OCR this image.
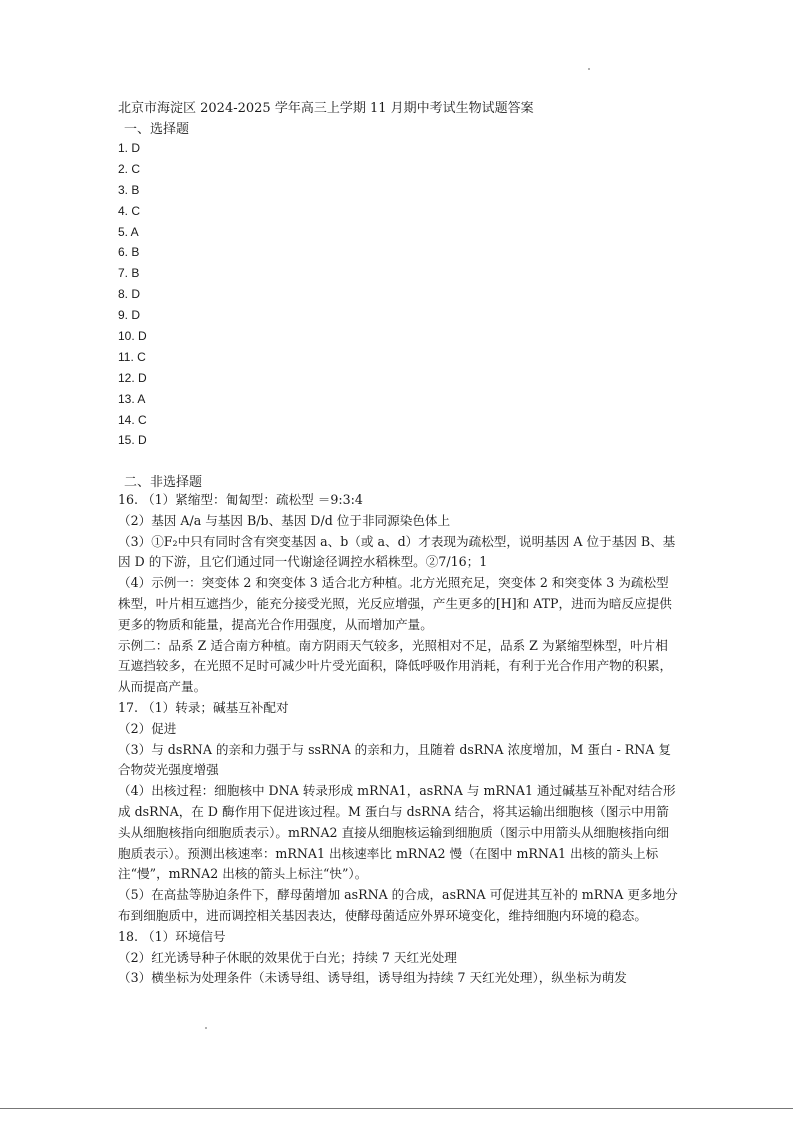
北京市海淀区 2024-2025 学年高三上学期 11 月期中考试生物试题答案
一、选择题
1. D
2. C
3. B
4. C
5. A
6. B
7. B
8. D
9. D
10. D
11. C
12. D
13. A
14. C
15. D
二、非选择题

16. （1）紧缩型：匍匐型：疏松型 ＝9:3:4

（2）基因 A/a 与基因 B/b、基因 D/d 位于非同源染色体上

（3）①F₂中只有同时含有突变基因 a、b（或 a、d）才表现为疏松型，说明基因 A 位于基因 B、基因 D 的下游，且它们通过同一代谢途径调控水稻株型。②7/16；1

（4）示例一：突变体 2 和突变体 3 适合北方种植。北方光照充足，突变体 2 和突变体 3 为疏松型株型，叶片相互遮挡少，能充分接受光照，光反应增强，产生更多的[H]和 ATP，进而为暗反应提供更多的物质和能量，提高光合作用强度，从而增加产量。

示例二：品系 Z 适合南方种植。南方阴雨天气较多，光照相对不足，品系 Z 为紧缩型株型，叶片相互遮挡较多，在光照不足时可减少叶片受光面积，降低呼吸作用消耗，有利于光合作用产物的积累，从而提高产量。

17. （1）转录；碱基互补配对

（2）促进

（3）与 dsRNA 的亲和力强于与 ssRNA 的亲和力，且随着 dsRNA 浓度增加，M 蛋白 - RNA 复合物荧光强度增强

（4）出核过程：细胞核中 DNA 转录形成 mRNA1，asRNA 与 mRNA1 通过碱基互补配对结合形成 dsRNA，在 D 酶作用下促进该过程。M 蛋白与 dsRNA 结合，将其运输出细胞核（图示中用箭头从细胞核指向细胞质表示）。mRNA2 直接从细胞核运输到细胞质（图示中用箭头从细胞核指向细胞质表示）。预测出核速率：mRNA1 出核速率比 mRNA2 慢（在图中 mRNA1 出核的箭头上标注“慢”，mRNA2 出核的箭头上标注“快”）。

（5）在高盐等胁迫条件下，酵母菌增加 asRNA 的合成，asRNA 可促进其互补的 mRNA 更多地分布到细胞质中，进而调控相关基因表达，使酵母菌适应外界环境变化，维持细胞内环境的稳态。

18. （1）环境信号

（2）红光诱导种子休眠的效果优于白光；持续 7 天红光处理

（3）横坐标为处理条件（未诱导组、诱导组，诱导组为持续 7 天红光处理），纵坐标为萌发
